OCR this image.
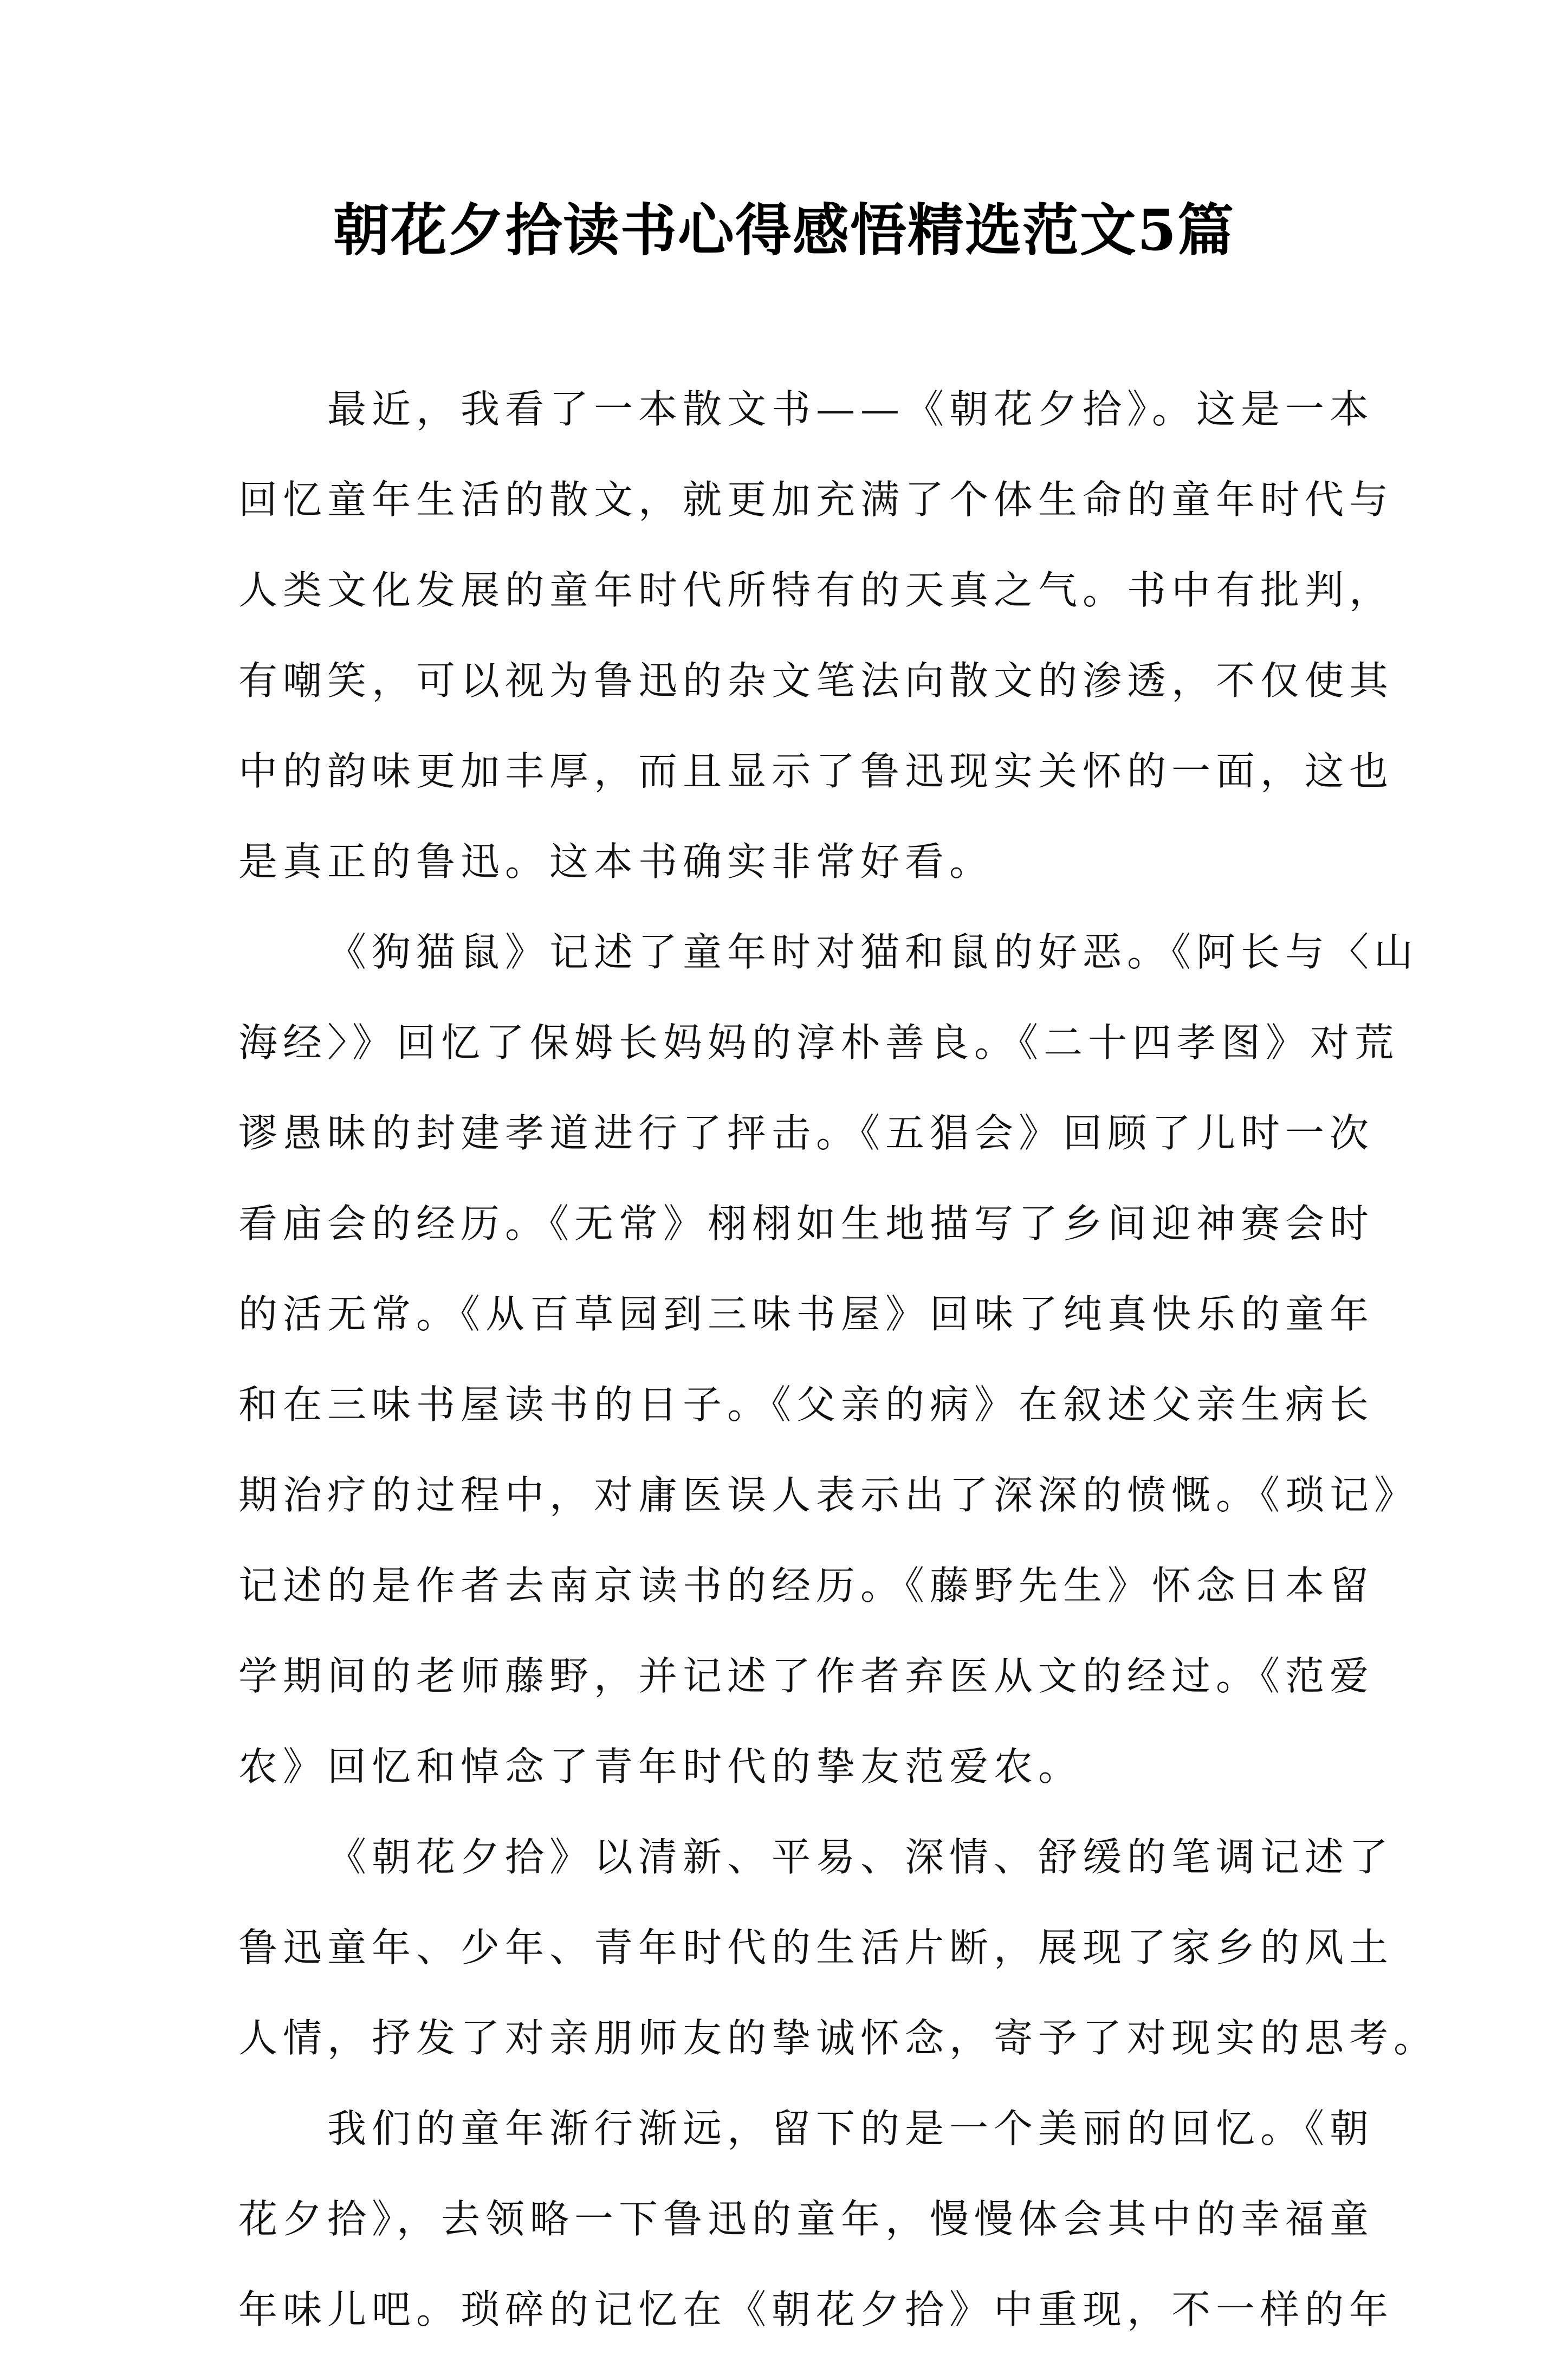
朝花夕拾读书心得感悟精选范文5篇
最近，我看了一本散文书——《朝花夕拾》。这是一本
回忆童年生活的散文，就更加充满了个体生命的童年时代与
人类文化发展的童年时代所特有的天真之气。书中有批判，
有嘲笑，可以视为鲁迅的杂文笔法向散文的渗透，不仅使其
中的韵味更加丰厚，而且显示了鲁迅现实关怀的一面，这也
是真正的鲁迅。这本书确实非常好看。
《狗猫鼠》记述了童年时对猫和鼠的好恶。《阿长与〈山
海经〉》回忆了保姆长妈妈的淳朴善良。《二十四孝图》对荒
谬愚昧的封建孝道进行了抨击。《五猖会》回顾了儿时一次
看庙会的经历。《无常》栩栩如生地描写了乡间迎神赛会时
的活无常。《从百草园到三味书屋》回味了纯真快乐的童年
和在三味书屋读书的日子。《父亲的病》在叙述父亲生病长
期治疗的过程中，对庸医误人表示出了深深的愤慨。《琐记》
记述的是作者去南京读书的经历。《藤野先生》怀念日本留
学期间的老师藤野，并记述了作者弃医从文的经过。《范爱
农》回忆和悼念了青年时代的挚友范爱农。
《朝花夕拾》以清新、平易、深情、舒缓的笔调记述了
鲁迅童年、少年、青年时代的生活片断，展现了家乡的风土
人情，抒发了对亲朋师友的挚诚怀念，寄予了对现实的思考。
我们的童年渐行渐远，留下的是一个美丽的回忆。《朝
花夕拾》，去领略一下鲁迅的童年，慢慢体会其中的幸福童
年味儿吧。琐碎的记忆在《朝花夕拾》中重现，不一样的年
